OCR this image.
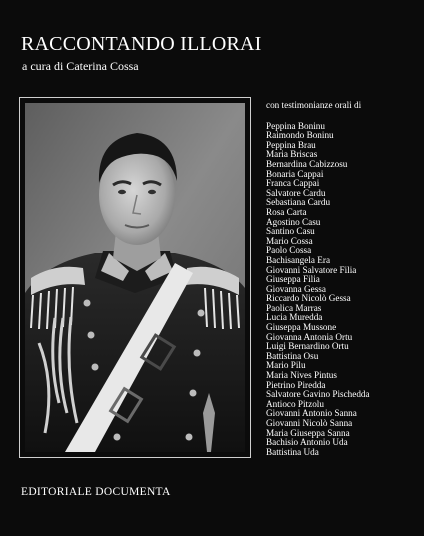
RACCONTANDO ILLORAI
a cura di Caterina Cossa
con testimonianze orali di
Peppina Boninu
Raimondo Boninu
Peppina Brau
Maria Briscas
Bernardina Cabizzosu
Bonaria Cappai
Franca Cappai
Salvatore Cardu
Sebastiana Cardu
Rosa Carta
Agostino Casu
Santino Casu
Mario Cossa
Paolo Cossa
Bachisangela Era
Giovanni Salvatore Filia
Giuseppa Filia
Giovanna Gessa
Riccardo Nicolò Gessa
Paolica Marras
Lucia Muredda
Giuseppa Mussone
Giovanna Antonia Ortu
Luigi Bernardino Ortu
Battistina Osu
Mario Pilu
Maria Nives Pintus
Pietrino Piredda
Salvatore Gavino Pischedda
Antioco Pitzolu
Giovanni Antonio Sanna
Giovanni Nicolò Sanna
Maria Giuseppa Sanna
Bachisio Antonio Uda
Battistina Uda
EDITORIALE DOCUMENTA
